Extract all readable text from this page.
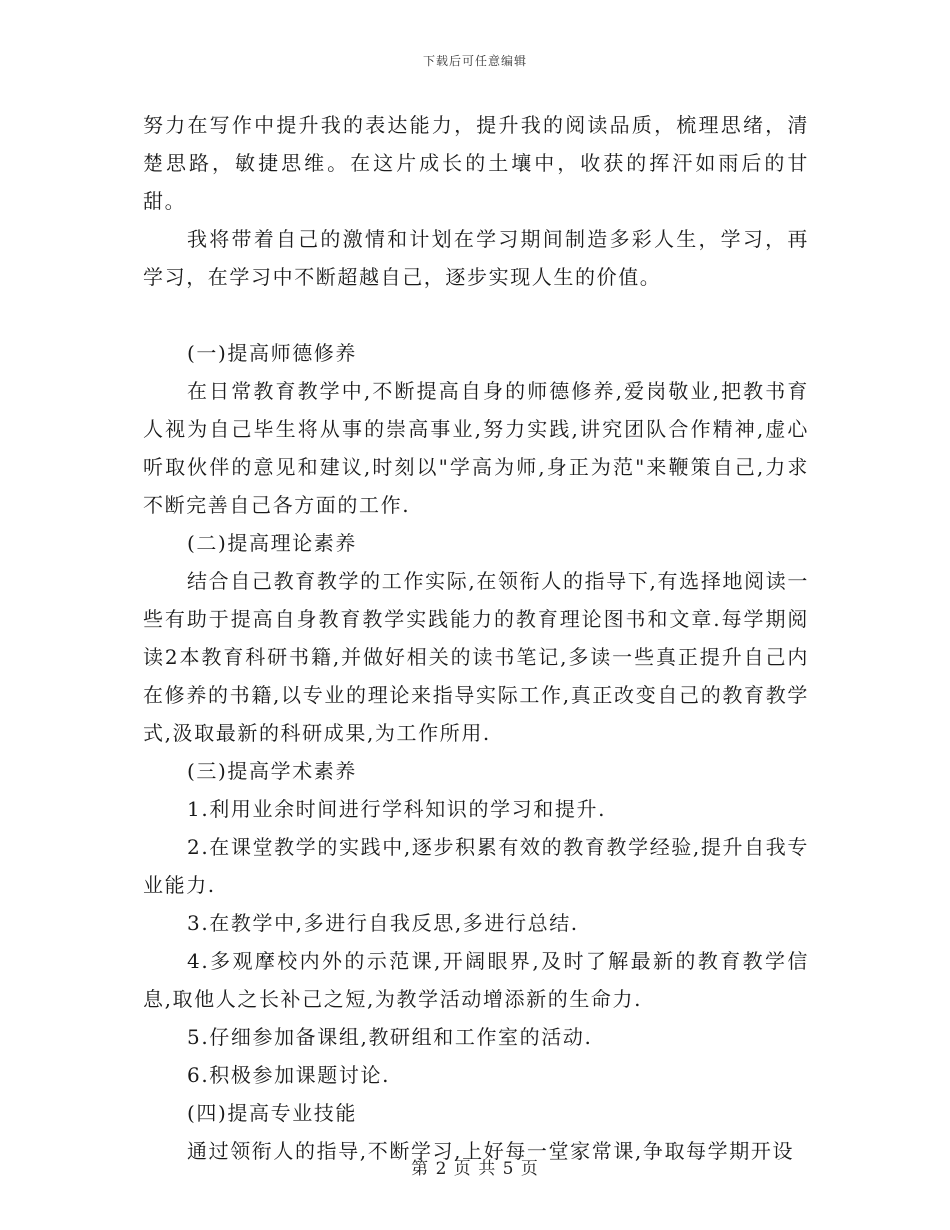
下载后可任意编辑

努力在写作中提升我的表达能力，提升我的阅读品质，梳理思绪，清楚思路，敏捷思维。在这片成长的土壤中，收获的挥汗如雨后的甘甜。

我将带着自己的激情和计划在学习期间制造多彩人生，学习，再学习，在学习中不断超越自己，逐步实现人生的价值。

(一)提高师德修养

在日常教育教学中,不断提高自身的师德修养,爱岗敬业,把教书育人视为自己毕生将从事的崇高事业,努力实践,讲究团队合作精神,虚心听取伙伴的意见和建议,时刻以"学高为师,身正为范"来鞭策自己,力求不断完善自己各方面的工作.

(二)提高理论素养

结合自己教育教学的工作实际,在领衔人的指导下,有选择地阅读一些有助于提高自身教育教学实践能力的教育理论图书和文章.每学期阅读2本教育科研书籍,并做好相关的读书笔记,多读一些真正提升自己内在修养的书籍,以专业的理论来指导实际工作,真正改变自己的教育教学式,汲取最新的科研成果,为工作所用.

(三)提高学术素养

1.利用业余时间进行学科知识的学习和提升.

2.在课堂教学的实践中,逐步积累有效的教育教学经验,提升自我专业能力.

3.在教学中,多进行自我反思,多进行总结.

4.多观摩校内外的示范课,开阔眼界,及时了解最新的教育教学信息,取他人之长补己之短,为教学活动增添新的生命力.

5.仔细参加备课组,教研组和工作室的活动.

6.积极参加课题讨论.

(四)提高专业技能

通过领衔人的指导,不断学习,上好每一堂家常课,争取每学期开设

第 2 页 共 5 页
